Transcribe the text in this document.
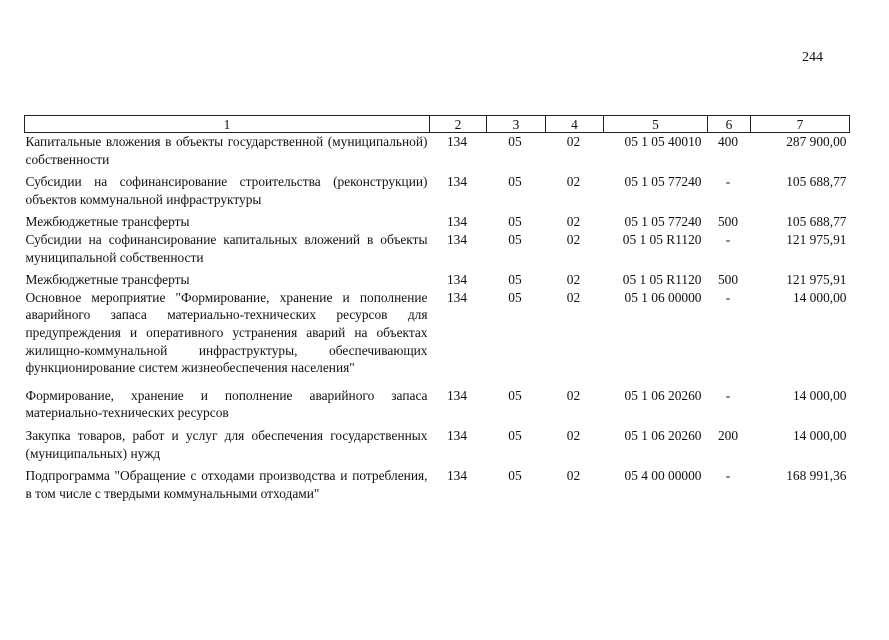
244
1	2	3	4	5	6	7
Капитальные вложения в объекты государственной (муниципальной) собственности	134	05	02	05 1 05 40010	400	287 900,00
Субсидии на софинансирование строительства (реконструкции) объектов коммунальной инфраструктуры	134	05	02	05 1 05 77240	-	105 688,77
Межбюджетные трансферты	134	05	02	05 1 05 77240	500	105 688,77
Субсидии на софинансирование капитальных вложений в объекты муниципальной собственности	134	05	02	05 1 05 R1120	-	121 975,91
Межбюджетные трансферты	134	05	02	05 1 05 R1120	500	121 975,91
Основное мероприятие "Формирование, хранение и пополнение аварийного запаса материально-технических ресурсов для предупреждения и оперативного устранения аварий на объектах жилищно-коммунальной инфраструктуры, обеспечивающих функционирование систем жизнеобеспечения населения"	134	05	02	05 1 06 00000	-	14 000,00
Формирование, хранение и пополнение аварийного запаса материально-технических ресурсов	134	05	02	05 1 06 20260	-	14 000,00
Закупка товаров, работ и услуг для обеспечения государственных (муниципальных) нужд	134	05	02	05 1 06 20260	200	14 000,00
Подпрограмма "Обращение с отходами производства и потребления, в том числе с твердыми коммунальными отходами"	134	05	02	05 4 00 00000	-	168 991,36
